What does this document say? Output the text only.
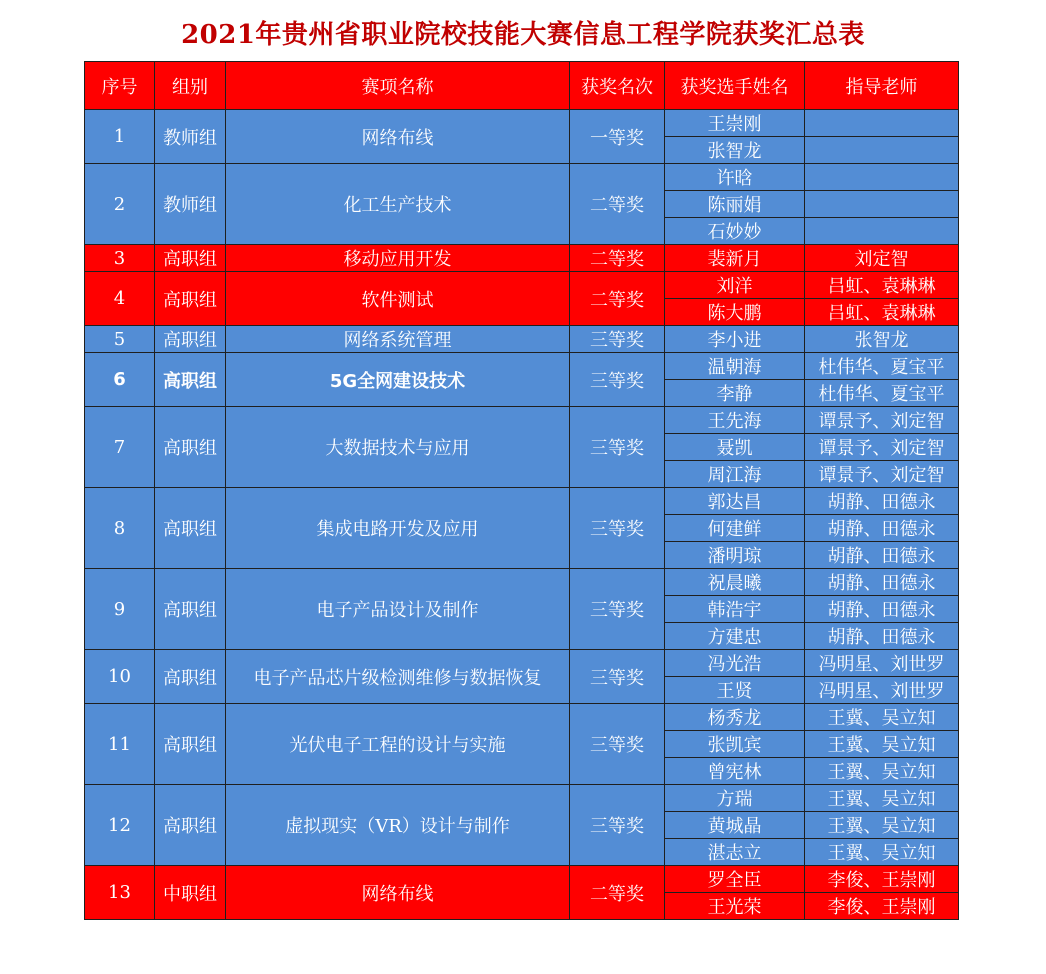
2021年贵州省职业院校技能大赛信息工程学院获奖汇总表
序号	组别	赛项名称	获奖名次	获奖选手姓名	指导老师
1	教师组	网络布线	一等奖	王崇刚	
				张智龙	
2	教师组	化工生产技术	二等奖	许晗	
				陈丽娟	
				石妙妙	
3	高职组	移动应用开发	二等奖	裴新月	刘定智
4	高职组	软件测试	二等奖	刘洋	吕虹、袁琳琳
				陈大鹏	吕虹、袁琳琳
5	高职组	网络系统管理	三等奖	李小进	张智龙
6	高职组	5G全网建设技术	三等奖	温朝海	杜伟华、夏宝平
				李静	杜伟华、夏宝平
7	高职组	大数据技术与应用	三等奖	王先海	谭景予、刘定智
				聂凯	谭景予、刘定智
				周江海	谭景予、刘定智
8	高职组	集成电路开发及应用	三等奖	郭达昌	胡静、田德永
				何建鲜	胡静、田德永
				潘明琼	胡静、田德永
9	高职组	电子产品设计及制作	三等奖	祝晨曦	胡静、田德永
				韩浩宇	胡静、田德永
				方建忠	胡静、田德永
10	高职组	电子产品芯片级检测维修与数据恢复	三等奖	冯光浩	冯明星、刘世罗
				王贤	冯明星、刘世罗
11	高职组	光伏电子工程的设计与实施	三等奖	杨秀龙	王冀、吴立知
				张凯宾	王冀、吴立知
				曾宪林	王翼、吴立知
12	高职组	虚拟现实（VR）设计与制作	三等奖	方瑞	王翼、吴立知
				黄城晶	王翼、吴立知
				湛志立	王翼、吴立知
13	中职组	网络布线	二等奖	罗全臣	李俊、王崇刚
				王光荣	李俊、王崇刚
